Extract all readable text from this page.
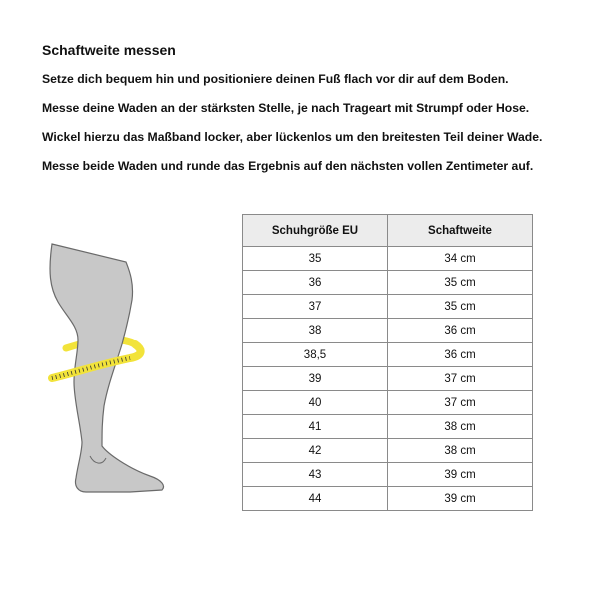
Schaftweite messen
Setze dich bequem hin und positioniere deinen Fuß flach vor dir auf dem Boden.
Messe deine Waden an der stärksten Stelle, je nach Trageart mit Strumpf oder Hose.
Wickel hierzu das Maßband locker, aber lückenlos um den breitesten Teil deiner Wade.
Messe beide Waden und runde das Ergebnis auf den nächsten vollen Zentimeter auf.
Schuhgröße EU	Schaftweite
35	34 cm
36	35 cm
37	35 cm
38	36 cm
38,5	36 cm
39	37 cm
40	37 cm
41	38 cm
42	38 cm
43	39 cm
44	39 cm
